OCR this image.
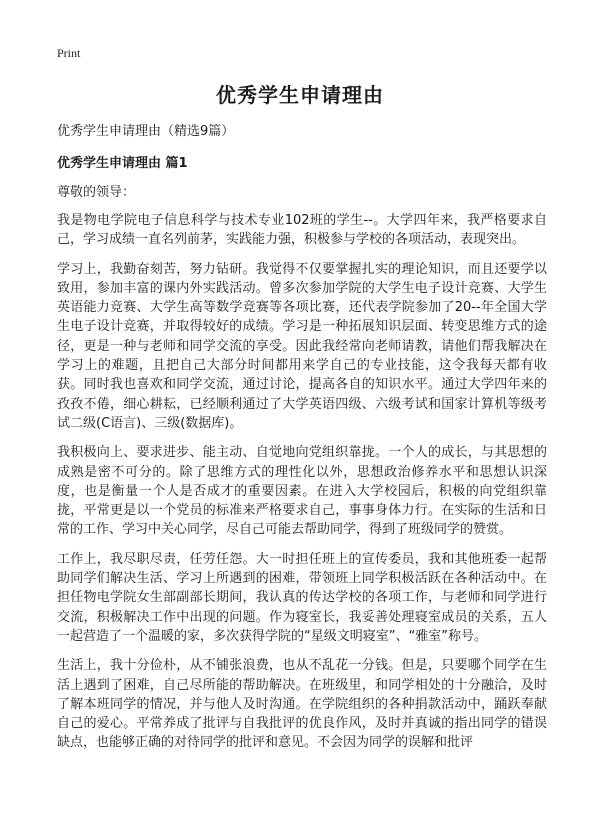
Print
优秀学生申请理由

优秀学生申请理由（精选9篇）

优秀学生申请理由 篇1

尊敬的领导：

我是物电学院电子信息科学与技术专业102班的学生--。大学四年来，我严格要求自己，学习成绩一直名列前茅，实践能力强，积极参与学校的各项活动，表现突出。

学习上，我勤奋刻苦，努力钻研。我觉得不仅要掌握扎实的理论知识，而且还要学以致用，参加丰富的课内外实践活动。曾多次参加学院的大学生电子设计竞赛、大学生英语能力竞赛、大学生高等数学竞赛等各项比赛，还代表学院参加了20--年全国大学生电子设计竞赛，并取得较好的成绩。学习是一种拓展知识层面、转变思维方式的途径，更是一种与老师和同学交流的享受。因此我经常向老师请教，请他们帮我解决在学习上的难题，且把自己大部分时间都用来学自己的专业技能，这令我每天都有收获。同时我也喜欢和同学交流，通过讨论，提高各自的知识水平。通过大学四年来的孜孜不倦，细心耕耘，已经顺利通过了大学英语四级、六级考试和国家计算机等级考试二级(C语言)、三级(数据库)。

我积极向上、要求进步、能主动、自觉地向党组织靠拢。一个人的成长，与其思想的成熟是密不可分的。除了思维方式的理性化以外，思想政治修养水平和思想认识深度，也是衡量一个人是否成才的重要因素。在进入大学校园后，积极的向党组织靠拢，平常更是以一个党员的标准来严格要求自己，事事身体力行。在实际的生活和日常的工作、学习中关心同学，尽自己可能去帮助同学，得到了班级同学的赞赏。

工作上，我尽职尽责，任劳任怨。大一时担任班上的宣传委员，我和其他班委一起帮助同学们解决生活、学习上所遇到的困难，带领班上同学积极活跃在各种活动中。在担任物电学院女生部副部长期间，我认真的传达学校的各项工作，与老师和同学进行交流，积极解决工作中出现的问题。作为寝室长，我妥善处理寝室成员的关系，五人一起营造了一个温暖的家，多次获得学院的“星级文明寝室”、“雅室”称号。

生活上，我十分俭朴，从不铺张浪费，也从不乱花一分钱。但是，只要哪个同学在生活上遇到了困难，自己尽所能的帮助解决。在班级里，和同学相处的十分融洽，及时了解本班同学的情况，并与他人及时沟通。在学院组织的各种捐款活动中，踊跃奉献自己的爱心。平常养成了批评与自我批评的优良作风，及时并真诚的指出同学的错误缺点，也能够正确的对待同学的批评和意见。不会因为同学的误解和批评
